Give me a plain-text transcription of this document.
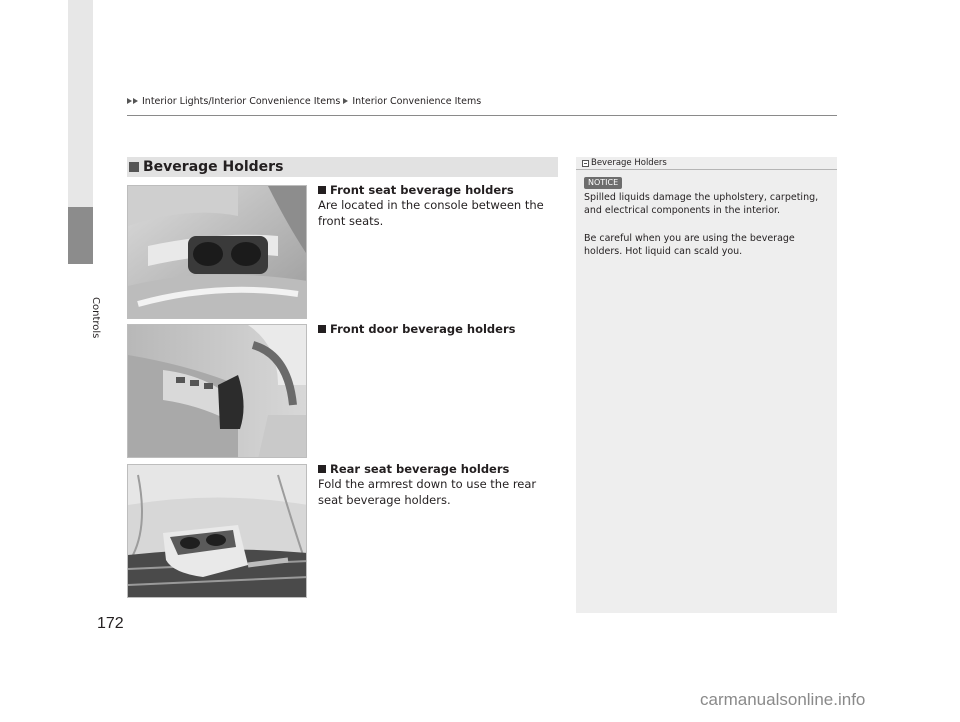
Controls
Interior Lights/Interior Convenience Items Interior Convenience Items
Beverage Holders
Front seat beverage holders
Are located in the console between the front seats.
Front door beverage holders
Rear seat beverage holders
Fold the armrest down to use the rear seat beverage holders.
Beverage Holders
NOTICE
Spilled liquids damage the upholstery, carpeting, and electrical components in the interior.
Be careful when you are using the beverage holders. Hot liquid can scald you.
172
carmanualsonline.info
